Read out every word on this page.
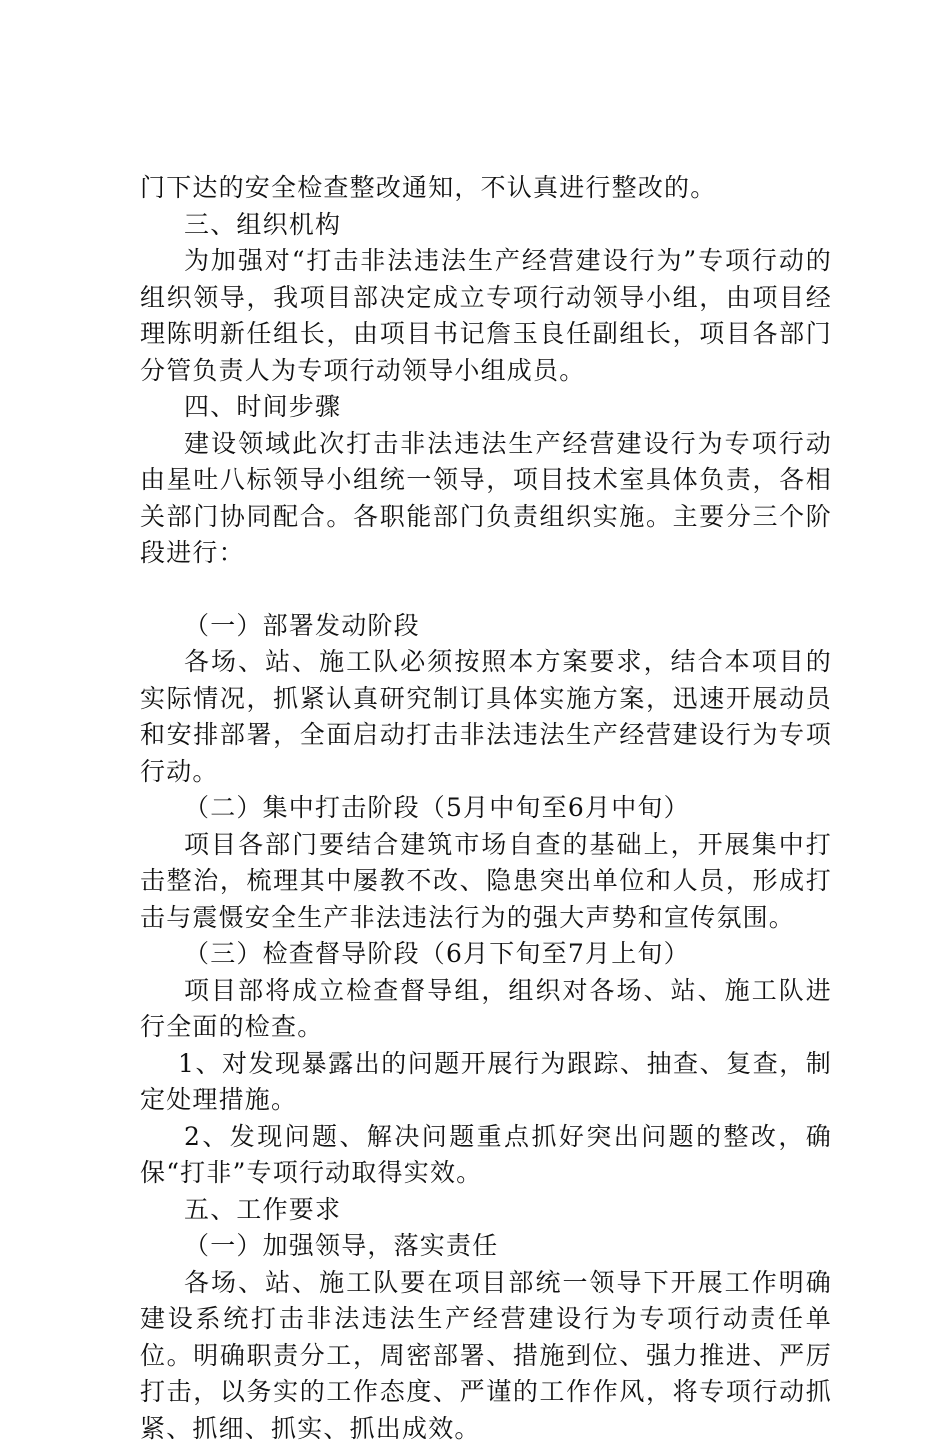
门下达的安全检查整改通知，不认真进行整改的。

三、组织机构

为加强对“打击非法违法生产经营建设行为”专项行动的组织领导，我项目部决定成立专项行动领导小组，由项目经理陈明新任组长，由项目书记詹玉良任副组长，项目各部门分管负责人为专项行动领导小组成员。

四、时间步骤

建设领域此次打击非法违法生产经营建设行为专项行动由星吐八标领导小组统一领导，项目技术室具体负责，各相关部门协同配合。各职能部门负责组织实施。主要分三个阶段进行：

（一）部署发动阶段

各场、站、施工队必须按照本方案要求，结合本项目的实际情况，抓紧认真研究制订具体实施方案，迅速开展动员和安排部署，全面启动打击非法违法生产经营建设行为专项行动。

（二）集中打击阶段（5月中旬至6月中旬）

项目各部门要结合建筑市场自查的基础上，开展集中打击整治，梳理其中屡教不改、隐患突出单位和人员，形成打击与震慑安全生产非法违法行为的强大声势和宣传氛围。

（三）检查督导阶段（6月下旬至7月上旬）

项目部将成立检查督导组，组织对各场、站、施工队进行全面的检查。

1、对发现暴露出的问题开展行为跟踪、抽查、复查，制定处理措施。

2、发现问题、解决问题重点抓好突出问题的整改，确保“打非”专项行动取得实效。

五、工作要求

（一）加强领导，落实责任

各场、站、施工队要在项目部统一领导下开展工作明确建设系统打击非法违法生产经营建设行为专项行动责任单位。明确职责分工，周密部署、措施到位、强力推进、严厉打击，以务实的工作态度、严谨的工作作风，将专项行动抓紧、抓细、抓实、抓出成效。
